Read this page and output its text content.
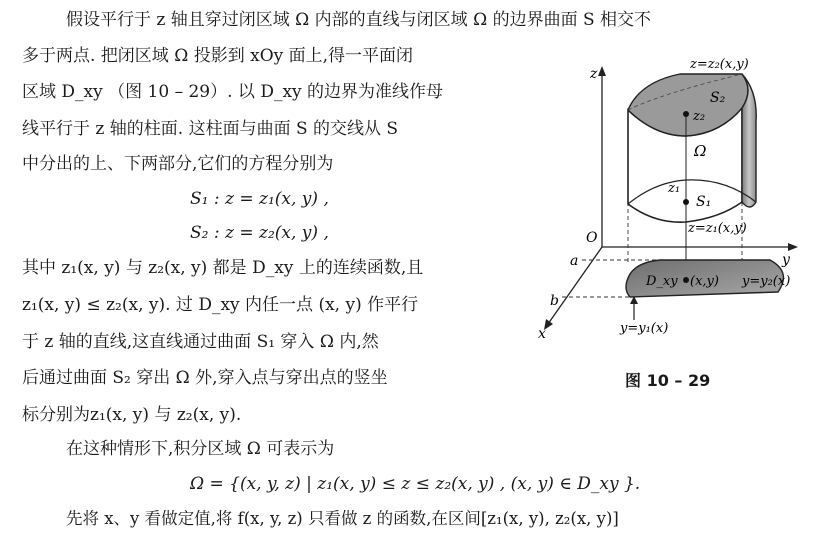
假设平行于 z 轴且穿过闭区域 Ω 内部的直线与闭区域 Ω 的边界曲面 S 相交不
多于两点. 把闭区域 Ω 投影到 xOy 面上,得一平面闭
区域 D_xy （图 10 – 29）. 以 D_xy 的边界为准线作母
线平行于 z 轴的柱面. 这柱面与曲面 S 的交线从 S
中分出的上、下两部分,它们的方程分别为
S₁ : z = z₁(x, y) ,
S₂ : z = z₂(x, y) ,
其中 z₁(x, y) 与 z₂(x, y) 都是 D_xy 上的连续函数,且
z₁(x, y) ≤ z₂(x, y). 过 D_xy 内任一点 (x, y) 作平行
于 z 轴的直线,这直线通过曲面 S₁ 穿入 Ω 内,然
后通过曲面 S₂ 穿出 Ω 外,穿入点与穿出点的竖坐
标分别为z₁(x, y) 与 z₂(x, y).
在这种情形下,积分区域 Ω 可表示为
Ω = {(x, y, z) | z₁(x, y) ≤ z ≤ z₂(x, y) , (x, y) ∈ D_xy }.
先将 x、y 看做定值,将 f(x, y, z) 只看做 z 的函数,在区间[z₁(x, y), z₂(x, y)]
z
y
x
O
a
b
z=z₂(x,y)
S₂
z₂
Ω
z₁
S₁
z=z₁(x,y)
D_xy (x,y) y=y₂(x)
y=y₁(x)
图 10 – 29
